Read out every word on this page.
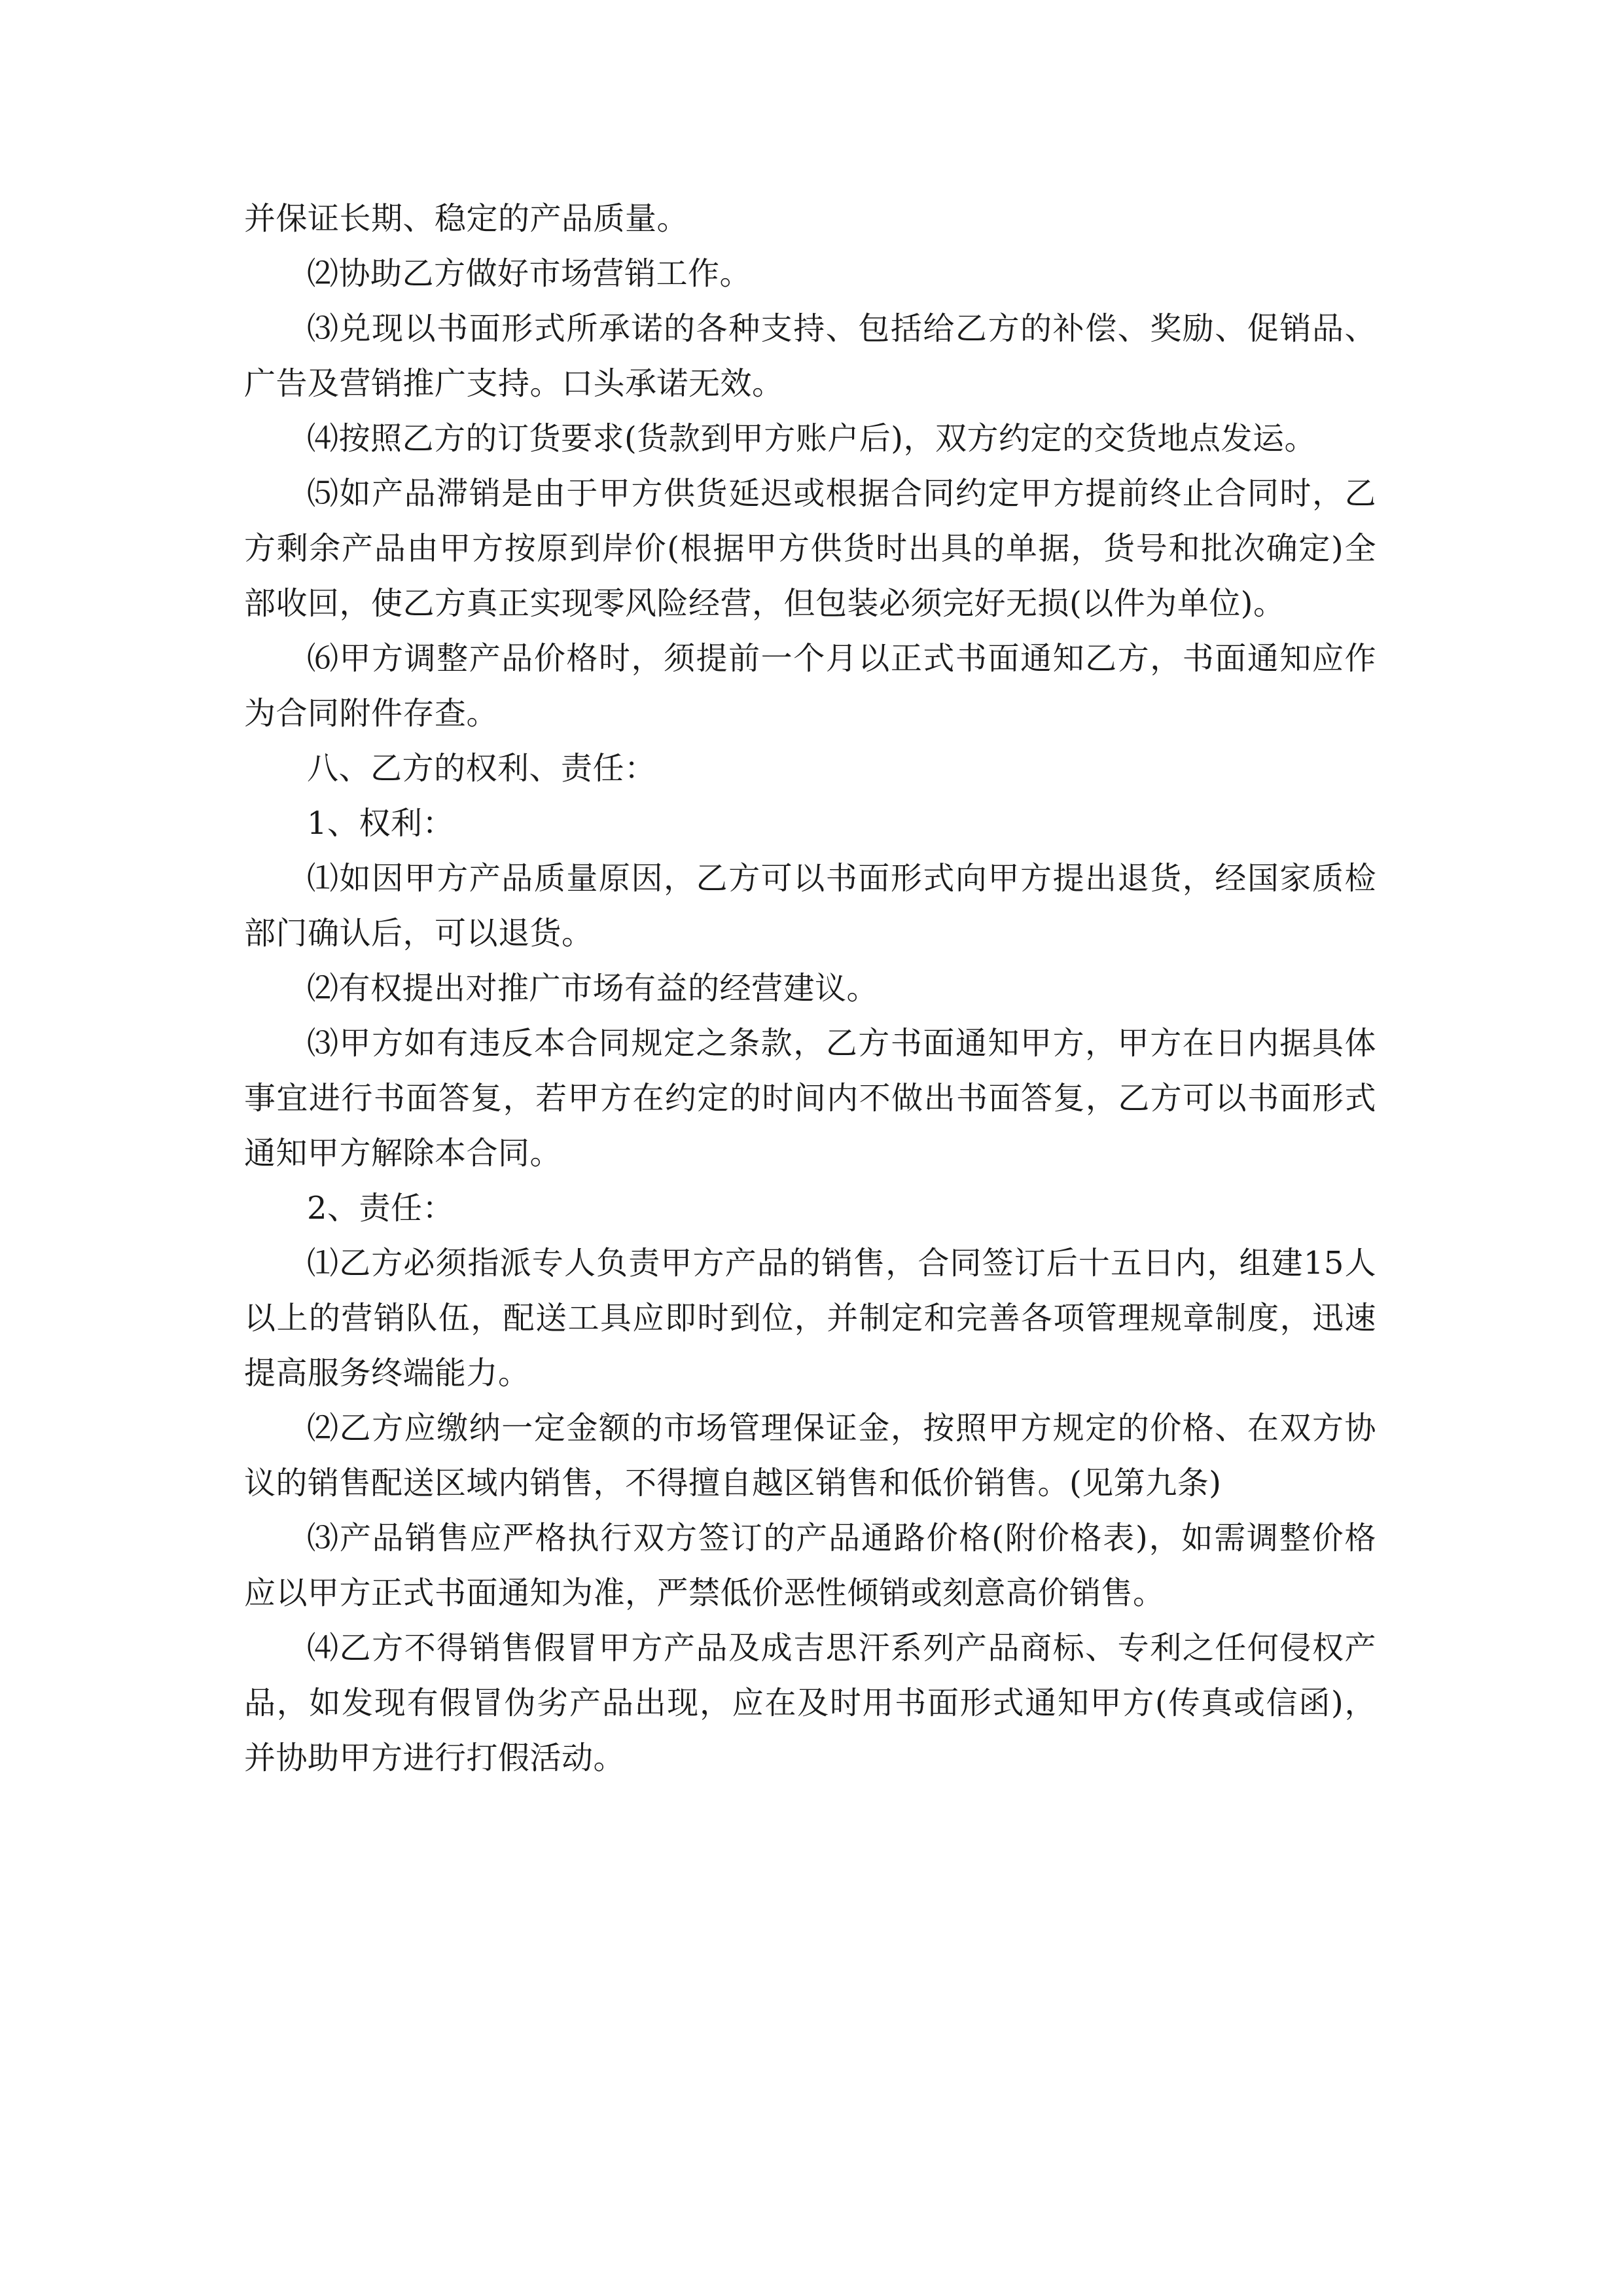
并保证长期、稳定的产品质量。

⑵协助乙方做好市场营销工作。

⑶兑现以书面形式所承诺的各种支持、包括给乙方的补偿、奖励、促销品、广告及营销推广支持。口头承诺无效。

⑷按照乙方的订货要求(货款到甲方账户后)，双方约定的交货地点发运。

⑸如产品滞销是由于甲方供货延迟或根据合同约定甲方提前终止合同时，乙方剩余产品由甲方按原到岸价(根据甲方供货时出具的单据，货号和批次确定)全部收回，使乙方真正实现零风险经营，但包装必须完好无损(以件为单位)。

⑹甲方调整产品价格时，须提前一个月以正式书面通知乙方，书面通知应作为合同附件存查。

八、乙方的权利、责任：

1、权利：

⑴如因甲方产品质量原因，乙方可以书面形式向甲方提出退货，经国家质检部门确认后，可以退货。

⑵有权提出对推广市场有益的经营建议。

⑶甲方如有违反本合同规定之条款，乙方书面通知甲方，甲方在日内据具体事宜进行书面答复，若甲方在约定的时间内不做出书面答复，乙方可以书面形式通知甲方解除本合同。

2、责任：

⑴乙方必须指派专人负责甲方产品的销售，合同签订后十五日内，组建15人以上的营销队伍，配送工具应即时到位，并制定和完善各项管理规章制度，迅速提高服务终端能力。

⑵乙方应缴纳一定金额的市场管理保证金，按照甲方规定的价格、在双方协议的销售配送区域内销售，不得擅自越区销售和低价销售。(见第九条)

⑶产品销售应严格执行双方签订的产品通路价格(附价格表)，如需调整价格应以甲方正式书面通知为准，严禁低价恶性倾销或刻意高价销售。

⑷乙方不得销售假冒甲方产品及成吉思汗系列产品商标、专利之任何侵权产品，如发现有假冒伪劣产品出现，应在及时用书面形式通知甲方(传真或信函)，并协助甲方进行打假活动。
